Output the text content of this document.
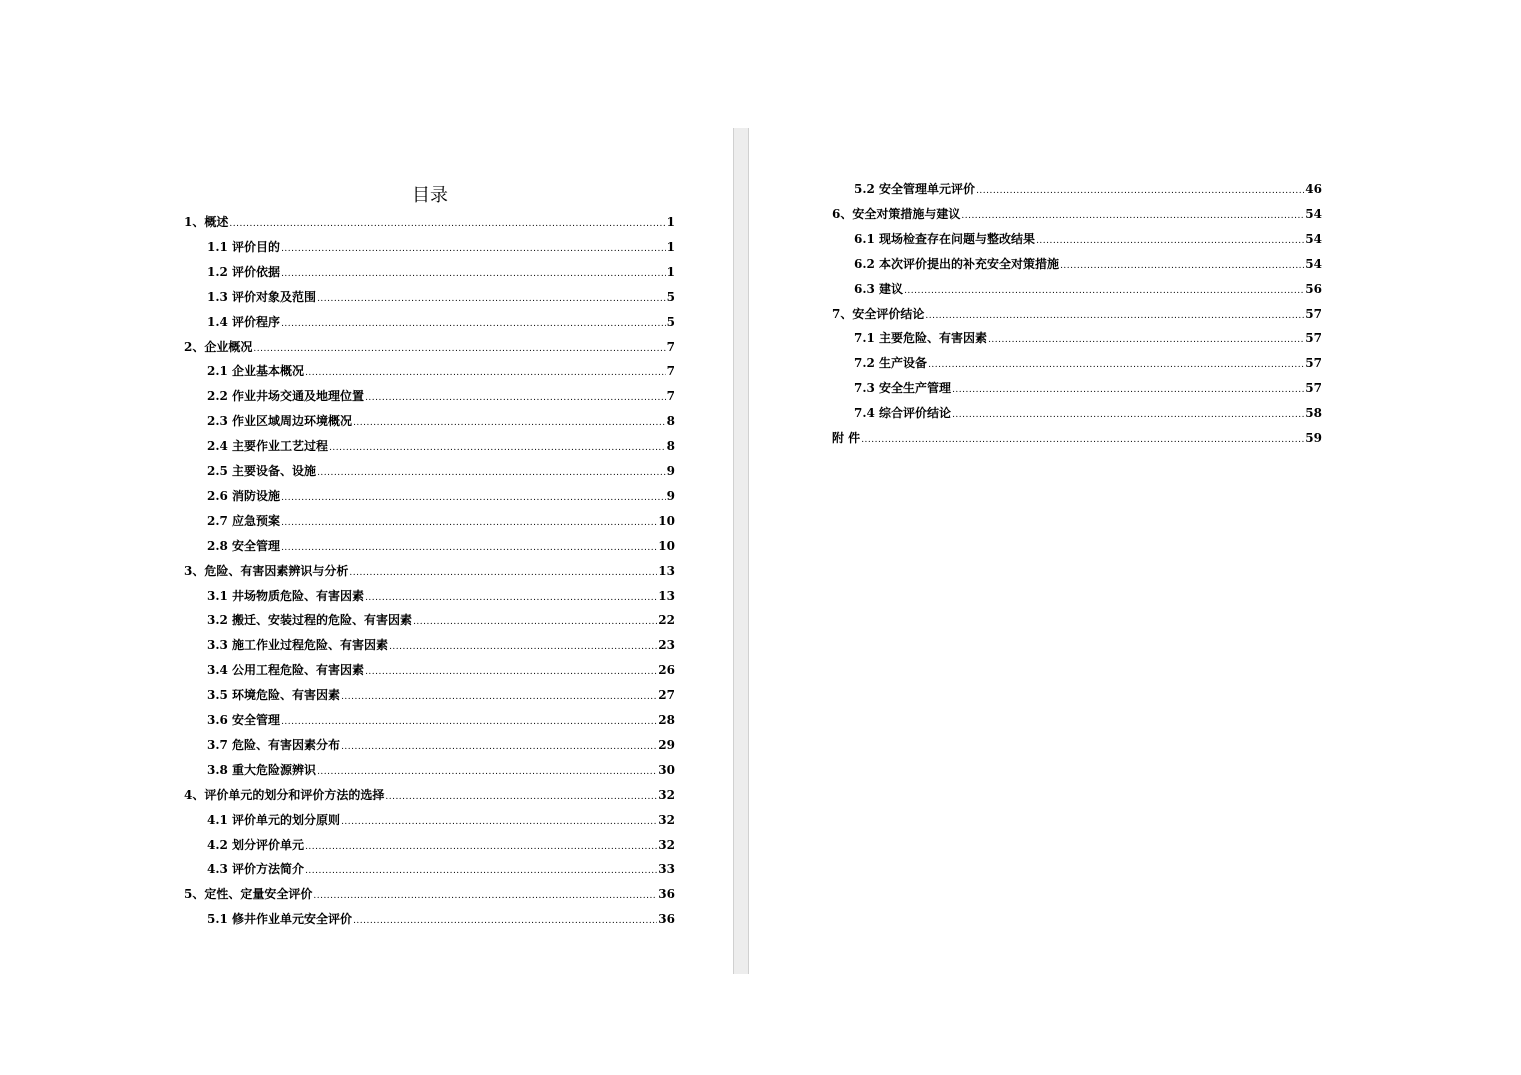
目录
1、概述 .....	1
1.1 评价目的 .....	1
1.2 评价依据 .....	1
1.3 评价对象及范围 .....	5
1.4 评价程序 .....	5
2、企业概况 .....	7
2.1 企业基本概况 .....	7
2.2 作业井场交通及地理位置 .....	7
2.3 作业区域周边环境概况 .....	8
2.4 主要作业工艺过程 .....	8
2.5 主要设备、设施 .....	9
2.6 消防设施 .....	9
2.7 应急预案 .....	10
2.8 安全管理 .....	10
3、危险、有害因素辨识与分析 .....	13
3.1 井场物质危险、有害因素 .....	13
3.2 搬迁、安装过程的危险、有害因素 .....	22
3.3 施工作业过程危险、有害因素 .....	23
3.4 公用工程危险、有害因素 .....	26
3.5 环境危险、有害因素 .....	27
3.6 安全管理 .....	28
3.7 危险、有害因素分布 .....	29
3.8 重大危险源辨识 .....	30
4、评价单元的划分和评价方法的选择 .....	32
4.1 评价单元的划分原则 .....	32
4.2 划分评价单元 .....	32
4.3 评价方法简介 .....	33
5、定性、定量安全评价 .....	36
5.1 修井作业单元安全评价 .....	36
5.2 安全管理单元评价 .....	46
6、安全对策措施与建议 .....	54
6.1 现场检查存在问题与整改结果 .....	54
6.2 本次评价提出的补充安全对策措施 .....	54
6.3 建议 .....	56
7、安全评价结论 .....	57
7.1 主要危险、有害因素 .....	57
7.2 生产设备 .....	57
7.3 安全生产管理 .....	57
7.4 综合评价结论 .....	58
附 件 .....	59
